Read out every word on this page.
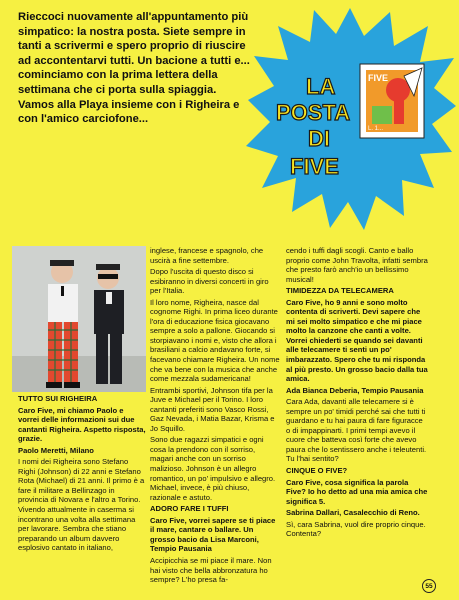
Rieccoci nuovamente all'appuntamento più simpatico: la nostra posta. Siete sempre in tanti a scrivermi e spero proprio di riuscire ad accontentarvi tutti. Un bacione a tutti e... cominciamo con la prima lettera della settimana che ci porta sulla spiaggia. Vamos alla Playa insieme con i Righeira e con l'amico carciofone...

FIVE
L. 1...
LA
POSTA
DI
FIVE
TUTTO SUI RIGHEIRA

Caro Five, mi chiamo Paolo e vorrei delle informazioni sui due cantanti Righeira. Aspetto risposta, grazie.

Paolo Meretti, Milano

I nomi dei Righeira sono Stefano Righi (Johnson) di 22 anni e Stefano Rota (Michael) di 21 anni. Il primo è a fare il militare a Bellinzago in provincia di Novara e l'altro a Torino. Vivendo attualmente in caserma si incontrano una volta alla settimana per lavorare. Sembra che stiano preparando un album davvero esplosivo cantato in italiano,

inglese, francese e spagnolo, che uscirà a fine settembre.

Dopo l'uscita di questo disco si esibiranno in diversi concerti in giro per l'Italia.

Il loro nome, Righeira, nasce dal cognome Righi. In prima liceo durante l'ora di educazione fisica giocavano sempre a solo a pallone. Giocando si storpiavano i nomi e, visto che allora i brasiliani a calcio andavano forte, si facevano chiamare Righeira. Un nome che va bene con la musica che anche come mezzala sudamericana!

Entrambi sportivi, Johnson tifa per la Juve e Michael per il Torino. I loro cantanti preferiti sono Vasco Rossi, Gaz Nevada, i Matia Bazar, Krisma e Jo Squillo.

Sono due ragazzi simpatici e ogni cosa la prendono con il sorriso, magari anche con un sorriso malizioso. Johnson è un allegro romantico, un po' impulsivo e allegro. Michael, invece, è più chiuso, razionale e astuto.

ADORO FARE I TUFFI

Caro Five, vorrei sapere se ti piace il mare, cantare o ballare. Un grosso bacio da Lisa Marconi, Tempio Pausania

Accipicchia se mi piace il mare. Non hai visto che bella abbronzatura ho sempre? L'ho presa fa-

cendo i tuffi dagli scogli. Canto e ballo proprio come John Travolta, infatti sembra che presto farò anch'io un bellissimo musical!

TIMIDEZZA DA TELECAMERA

Caro Five, ho 9 anni e sono molto contenta di scriverti. Devi sapere che mi sei molto simpatico e che mi piace molto la canzone che canti a volte. Vorrei chiederti se quando sei davanti alle telecamere ti senti un po' imbarazzato. Spero che tu mi risponda al più presto. Un grosso bacio dalla tua amica.

Ada Bianca Deberia, Tempio Pausania

Cara Ada, davanti alle telecamere si è sempre un po' timidi perché sai che tutti ti guardano e tu hai paura di fare figuracce o di impappinarti. I primi tempi avevo il cuore che batteva così forte che avevo paura che lo sentissero anche i teleutenti. Tu l'hai sentito?

CINQUE O FIVE?

Caro Five, cosa significa la parola Five? Io ho detto ad una mia amica che significa 5.

Sabrina Dallari, Casalecchio di Reno.

Sì, cara Sabrina, vuol dire proprio cinque. Contenta?

55
